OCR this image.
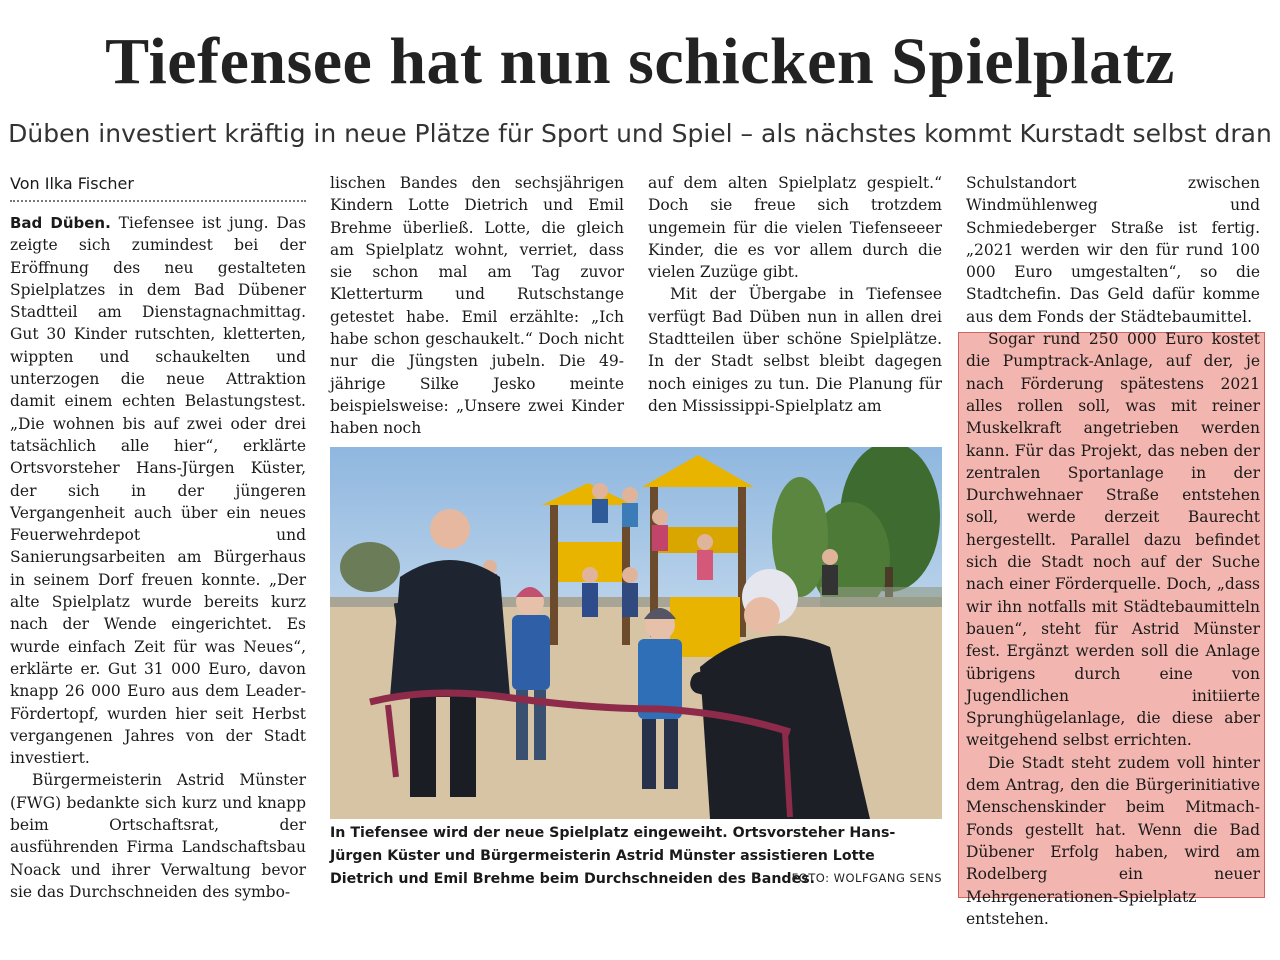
Tiefensee hat nun schicken Spielplatz
Düben investiert kräftig in neue Plätze für Sport und Spiel – als nächstes kommt Kurstadt selbst dran
Von Ilka Fischer

Bad Düben. Tiefensee ist jung. Das zeigte sich zumindest bei der Eröffnung des neu gestalteten Spielplatzes in dem Bad Dübener Stadtteil am Dienstagnachmittag. Gut 30 Kinder rutschten, kletterten, wippten und schaukelten und unterzogen die neue Attraktion damit einem echten Belastungstest. „Die wohnen bis auf zwei oder drei tatsächlich alle hier“, erklärte Ortsvorsteher Hans-Jürgen Küster, der sich in der jüngeren Vergangenheit auch über ein neues Feuerwehrdepot und Sanierungsarbeiten am Bürgerhaus in seinem Dorf freuen konnte. „Der alte Spielplatz wurde bereits kurz nach der Wende eingerichtet. Es wurde einfach Zeit für was Neues“, erklärte er. Gut 31 000 Euro, davon knapp 26 000 Euro aus dem Leader-Fördertopf, wurden hier seit Herbst vergangenen Jahres von der Stadt investiert.

Bürgermeisterin Astrid Münster (FWG) bedankte sich kurz und knapp beim Ortschaftsrat, der ausführenden Firma Landschaftsbau Noack und ihrer Verwaltung bevor sie das Durchschneiden des symbo-

lischen Bandes den sechsjährigen Kindern Lotte Dietrich und Emil Brehme überließ. Lotte, die gleich am Spielplatz wohnt, verriet, dass sie schon mal am Tag zuvor Kletterturm und Rutschstange getestet habe. Emil erzählte: „Ich habe schon geschaukelt.“ Doch nicht nur die Jüngsten jubeln. Die 49-jährige Silke Jesko meinte beispielsweise: „Unsere zwei Kinder haben noch

auf dem alten Spielplatz gespielt.“ Doch sie freue sich trotzdem ungemein für die vielen Tiefenseeer Kinder, die es vor allem durch die vielen Zuzüge gibt.

Mit der Übergabe in Tiefensee verfügt Bad Düben nun in allen drei Stadtteilen über schöne Spielplätze. In der Stadt selbst bleibt dagegen noch einiges zu tun. Die Planung für den Mississippi-Spielplatz am

Schulstandort zwischen Windmühlenweg und Schmiedeberger Straße ist fertig. „2021 werden wir den für rund 100 000 Euro umgestalten“, so die Stadtchefin. Das Geld dafür komme aus dem Fonds der Städtebaumittel.

Sogar rund 250 000 Euro kostet die Pumptrack-Anlage, auf der, je nach Förderung spätestens 2021 alles rollen soll, was mit reiner Muskelkraft angetrieben werden kann. Für das Projekt, das neben der zentralen Sportanlage in der Durchwehnaer Straße entstehen soll, werde derzeit Baurecht hergestellt. Parallel dazu befindet sich die Stadt noch auf der Suche nach einer Förderquelle. Doch, „dass wir ihn notfalls mit Städtebaumitteln bauen“, steht für Astrid Münster fest. Ergänzt werden soll die Anlage übrigens durch eine von Jugendlichen initiierte Sprunghügelanlage, die diese aber weitgehend selbst errichten.

Die Stadt steht zudem voll hinter dem Antrag, den die Bürgerinitiative Menschenskinder beim Mitmach-Fonds gestellt hat. Wenn die Bad Dübener Erfolg haben, wird am Rodelberg ein neuer Mehrgenerationen-Spielplatz entstehen.

In Tiefensee wird der neue Spielplatz eingeweiht. Ortsvorsteher Hans-Jürgen Küster und Bürgermeisterin Astrid Münster assistieren Lotte Dietrich und Emil Brehme beim Durchschneiden des Bandes.
FOTO: WOLFGANG SENS
